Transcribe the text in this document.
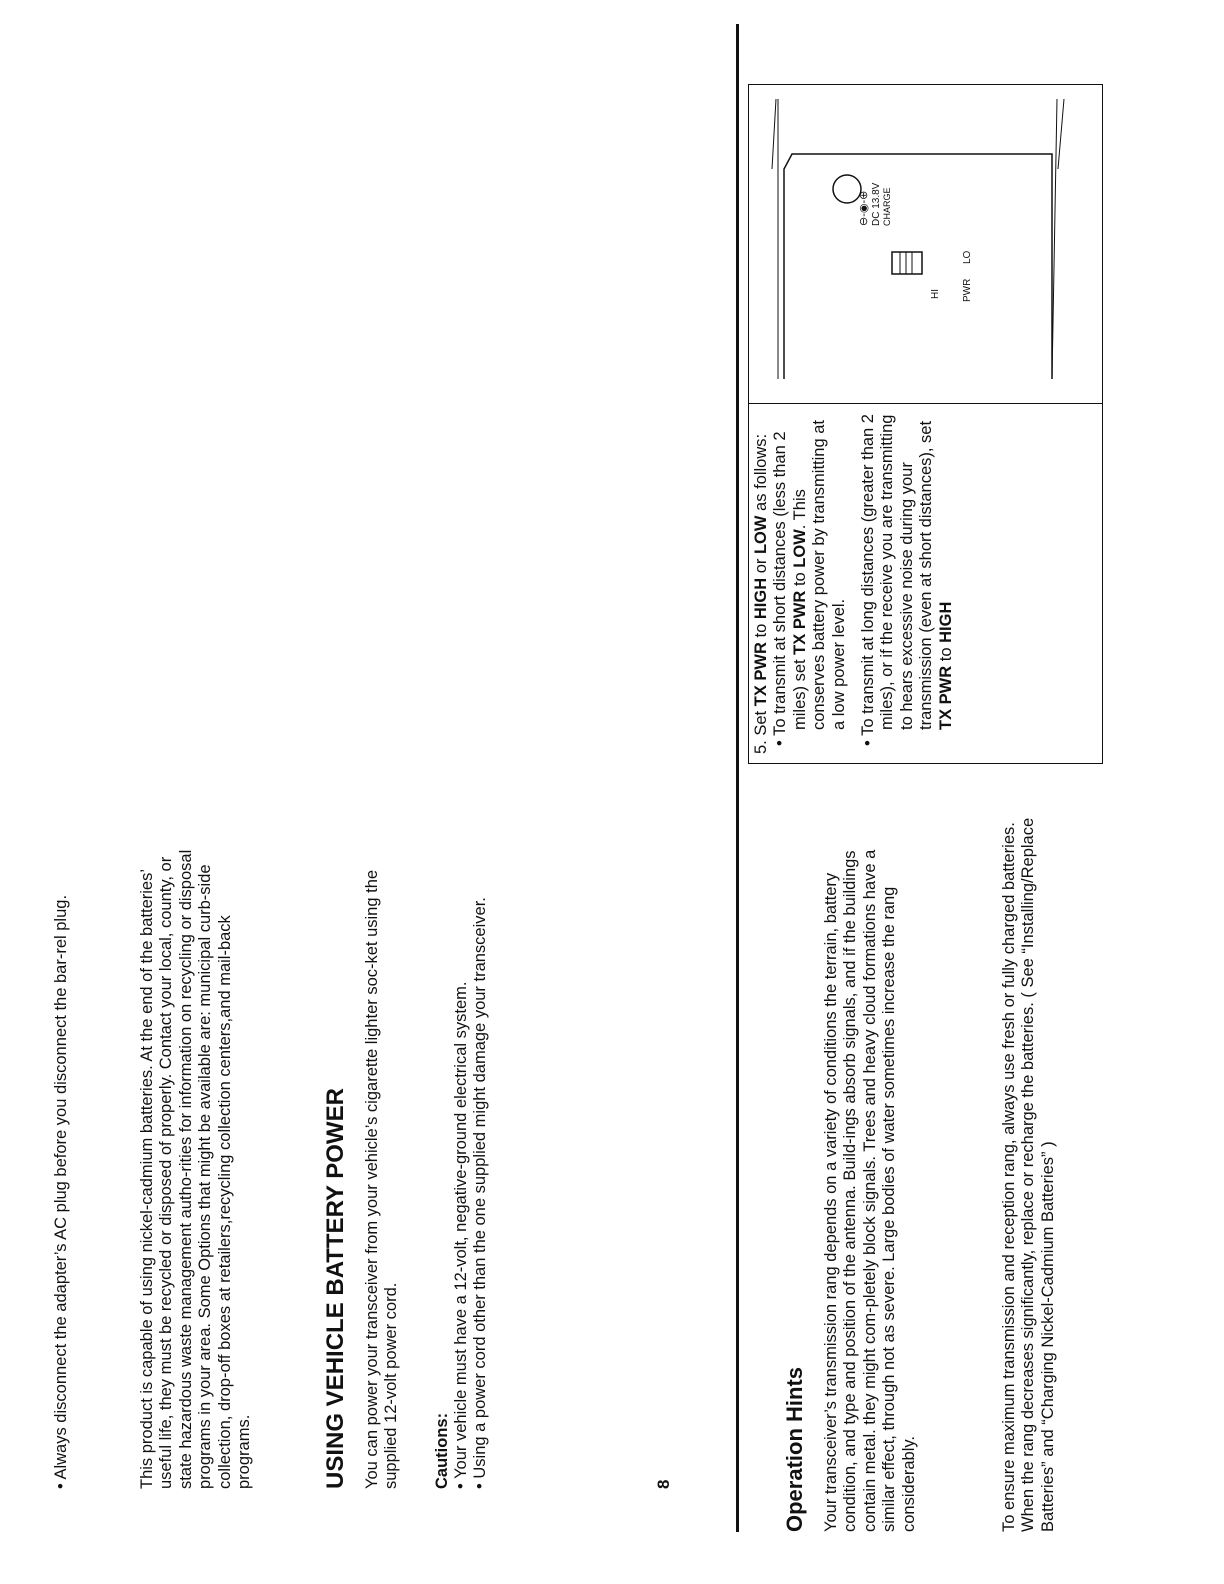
• Always disconnect the adapter’s AC plug before you disconnect the bar-rel plug.	This product is capable of using nickel-cadmium batteries. At the end of the batteries’ useful life, they must be recycled or disposed of properly. Contact your local, county, or state hazardous waste management autho-rities for information on recycling or disposal programs in your area. Some Options that might be available are: municipal curb-side collection, drop-off boxes at retailers,recycling collection centers,and mail-back programs.	USING VEHICLE BATTERY POWER You can power your transceiver from your vehicle’s cigarette lighter soc-ket using the supplied 12-volt power cord. Cautions: • Your vehicle must have a 12-volt, negative-ground electrical system. • Using a power cord other than the one supplied might damage your transceiver.	8	Operation Hints Your transceiver’s transmission rang depends on a variety of conditions the terrain, battery condition, and type and position of the antenna. Build-ings absorb signals, and if the buildings contain metal. they might com-pletely block signals. Trees and heavy cloud formations have a similar effect, through not as severe. Large bodies of water sometimes increase the rang considerably.	To ensure maximum transmission and reception rang, always use fresh or fully charged batteries. When the rang decreases significantly, replace or recharge the batteries. ( See “Installing/Replace Batteries” and “Charging Nickel-Cadmium Batteries” )

5. Set TX PWR to HIGH or LOW as follows: • To transmit at short distances (less than 2 miles) set TX PWR to LOW. This conserves battery power by transmitting at a low power level. • To transmit at long distances (greater than 2 miles), or if the receive you are transmitting to hears excessive noise during your transmission (even at short distances), set TX PWR to HIGH

⊖-◉-⊕ DC 13.8V CHARGE
HI PWR
LO
